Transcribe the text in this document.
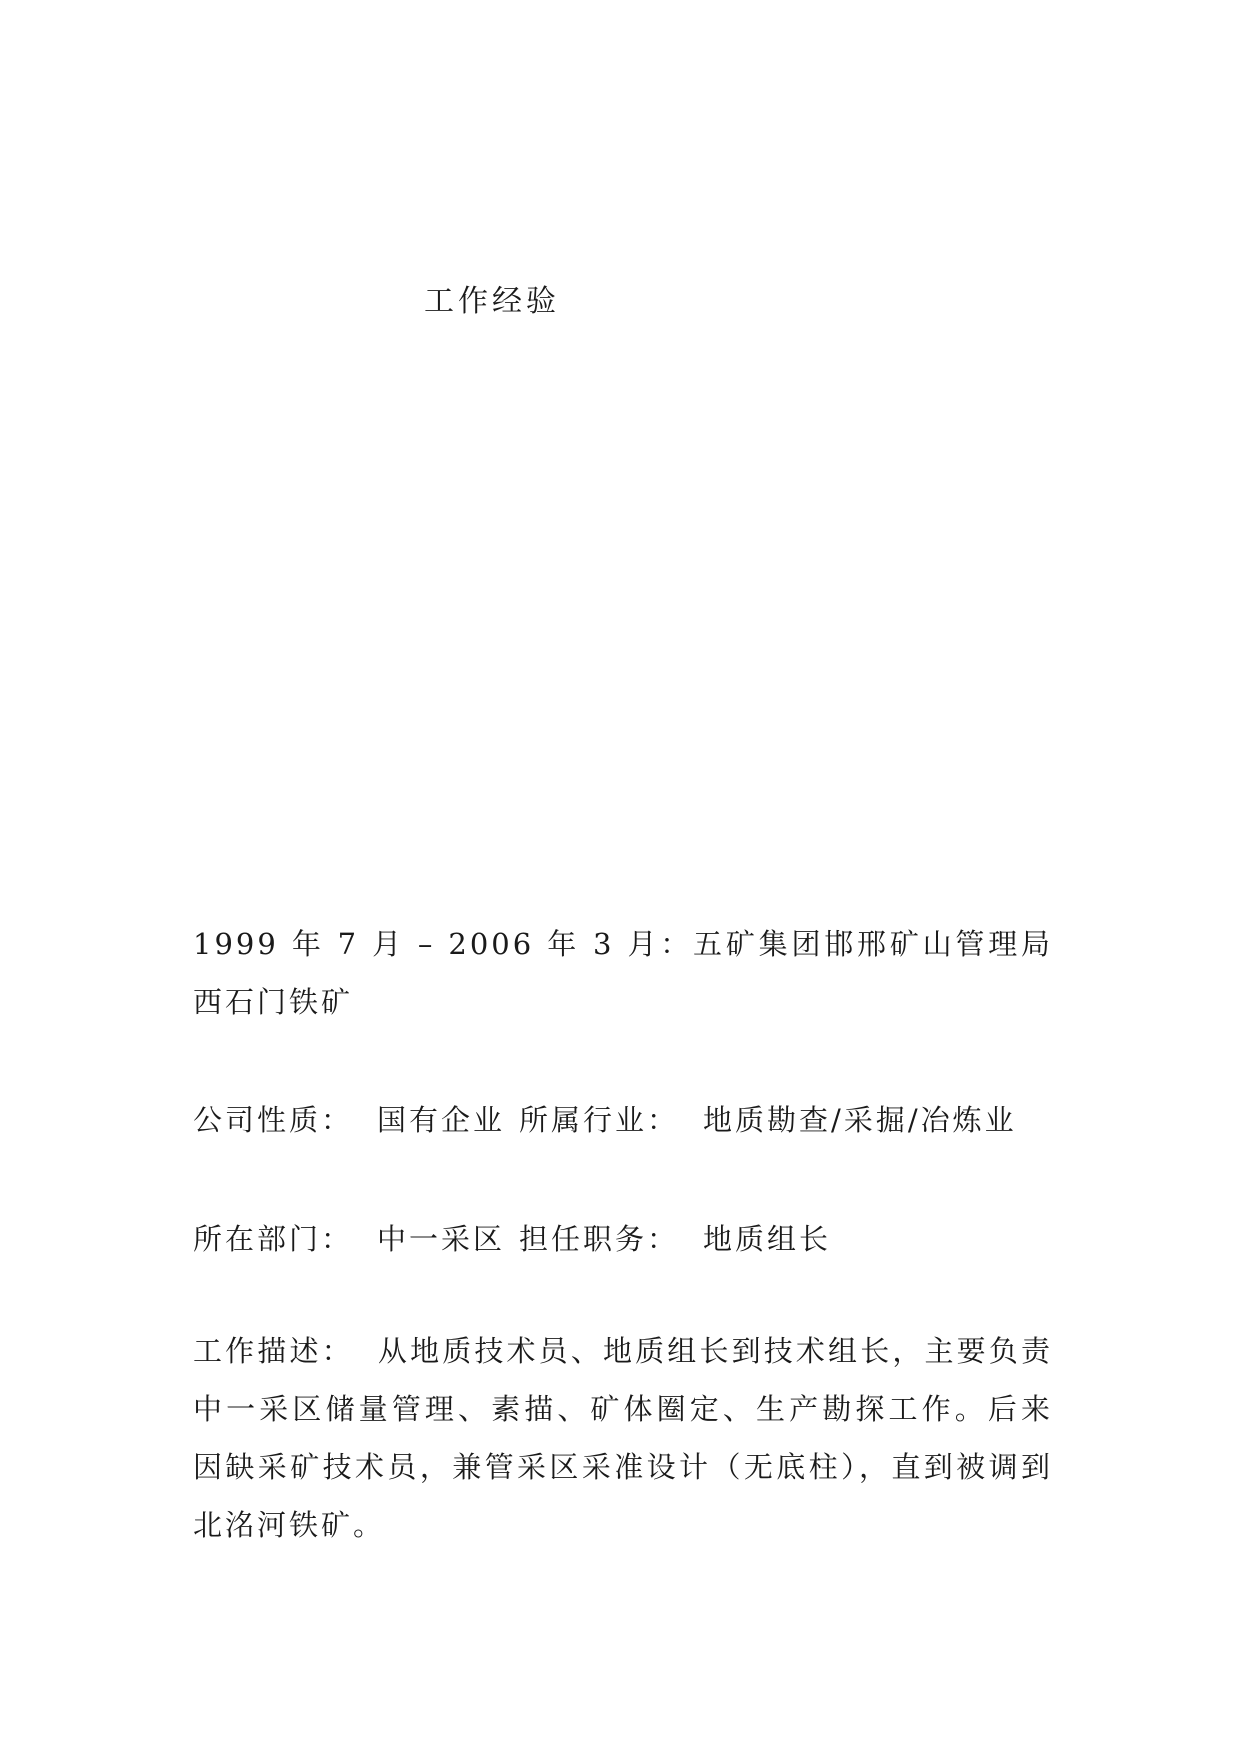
工作经验
1999 年 7 月 – 2006 年 3 月：五矿集团邯邢矿山管理局西石门铁矿
公司性质： 国有企业 所属行业： 地质勘查/采掘/冶炼业
所在部门： 中一采区 担任职务： 地质组长
工作描述： 从地质技术员、地质组长到技术组长，主要负责中一采区储量管理、素描、矿体圈定、生产勘探工作。后来因缺采矿技术员，兼管采区采准设计（无底柱），直到被调到北洺河铁矿。
